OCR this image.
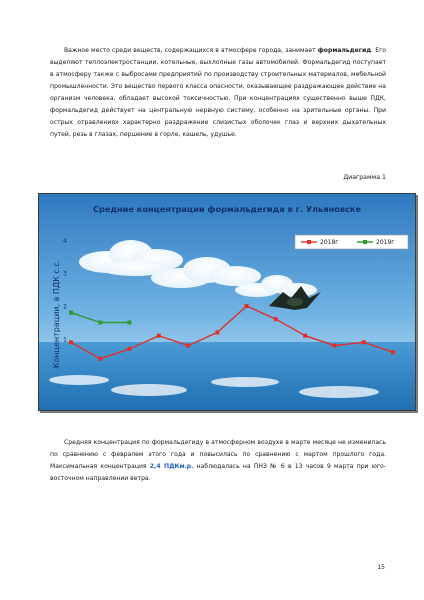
Важное место среди веществ, содержащихся в атмосфере города, занимает формальдегид. Его выделяют теплоэлектростанции, котельные, выхлопные газы автомобилей. Формальдегид поступает в атмосферу также с выбросами предприятий по производству строительных материалов, мебельной промышленности. Это вещество первого класса опасности, оказывающее раздражающее действие на организм человека, обладает высокой токсичностью. При концентрациях существенно выше ПДК, формальдегид действует на центральную нервную систему, особенно на зрительные органы. При острых отравлениях характерно раздражение слизистых оболочек глаз и верхних дыхательных путей, резь в глазах, першение в горле, кашель, удушье.
Диаграмма 1
1
2
3
4
Средние концентрации формальдегида в г. Ульяновске
Концентрации, в ПДК с.с.
2018г	2019г
Средняя концентрация по формальдегиду в атмосферном воздухе в марте месяце не изменилась по сравнению с февралем этого года и повысилась по сравнению с мартом прошлого года. Максимальная концентрация 2,4 ПДКм.р. наблюдалась на ПНЗ № 6 в 13 часов 9 марта при юго-восточном направлении ветра.
15
